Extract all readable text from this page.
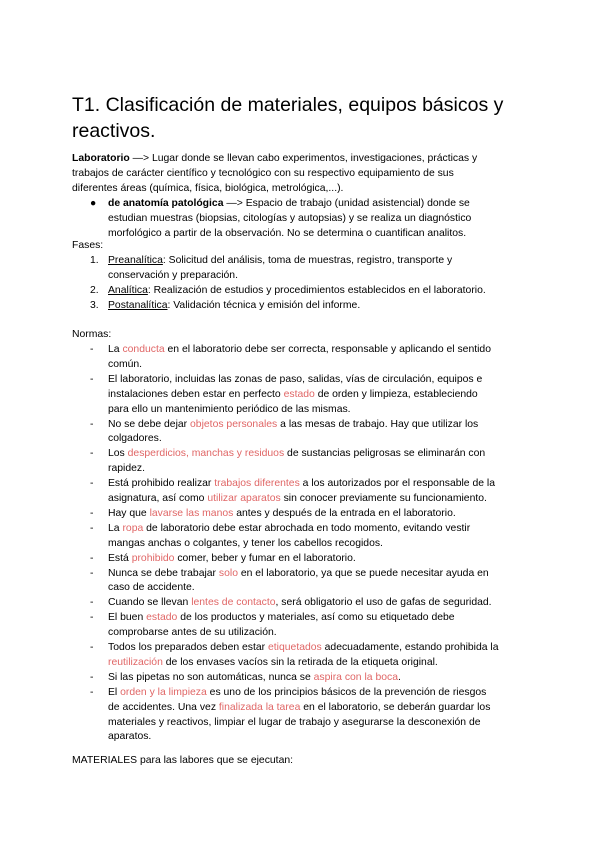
T1. Clasificación de materiales, equipos básicos y reactivos.
Laboratorio —> Lugar donde se llevan cabo experimentos, investigaciones, prácticas y
trabajos de carácter científico y tecnológico con su respectivo equipamiento de sus
diferentes áreas (química, física, biológica, metrológica,...).
●	de anatomía patológica —> Espacio de trabajo (unidad asistencial) donde se
estudian muestras (biopsias, citologías y autopsias) y se realiza un diagnóstico
morfológico a partir de la observación. No se determina o cuantifican analitos.
Fases:
Normas:
MATERIALES para las labores que se ejecutan:
1. Preanalítica: Solicitud del análisis, toma de muestras, registro, transporte y
conservación y preparación.
2. Analítica: Realización de estudios y procedimientos establecidos en el laboratorio.
3. Postanalítica: Validación técnica y emisión del informe.
- La conducta en el laboratorio debe ser correcta, responsable y aplicando el sentido
común.
- El laboratorio, incluidas las zonas de paso, salidas, vías de circulación, equipos e
instalaciones deben estar en perfecto estado de orden y limpieza, estableciendo
para ello un mantenimiento periódico de las mismas.
- No se debe dejar objetos personales a las mesas de trabajo. Hay que utilizar los
colgadores.
- Los desperdicios, manchas y residuos de sustancias peligrosas se eliminarán con
rapidez.
- Está prohibido realizar trabajos diferentes a los autorizados por el responsable de la
asignatura, así como utilizar aparatos sin conocer previamente su funcionamiento.
- Hay que lavarse las manos antes y después de la entrada en el laboratorio.
- La ropa de laboratorio debe estar abrochada en todo momento, evitando vestir
mangas anchas o colgantes, y tener los cabellos recogidos.
- Está prohibido comer, beber y fumar en el laboratorio.
- Nunca se debe trabajar solo en el laboratorio, ya que se puede necesitar ayuda en
caso de accidente.
- Cuando se llevan lentes de contacto, será obligatorio el uso de gafas de seguridad.
- El buen estado de los productos y materiales, así como su etiquetado debe
comprobarse antes de su utilización.
- Todos los preparados deben estar etiquetados adecuadamente, estando prohibida la
reutilización de los envases vacíos sin la retirada de la etiqueta original.
- Si las pipetas no son automáticas, nunca se aspira con la boca.
- El orden y la limpieza es uno de los principios básicos de la prevención de riesgos
de accidentes. Una vez finalizada la tarea en el laboratorio, se deberán guardar los
materiales y reactivos, limpiar el lugar de trabajo y asegurarse la desconexión de
aparatos.
